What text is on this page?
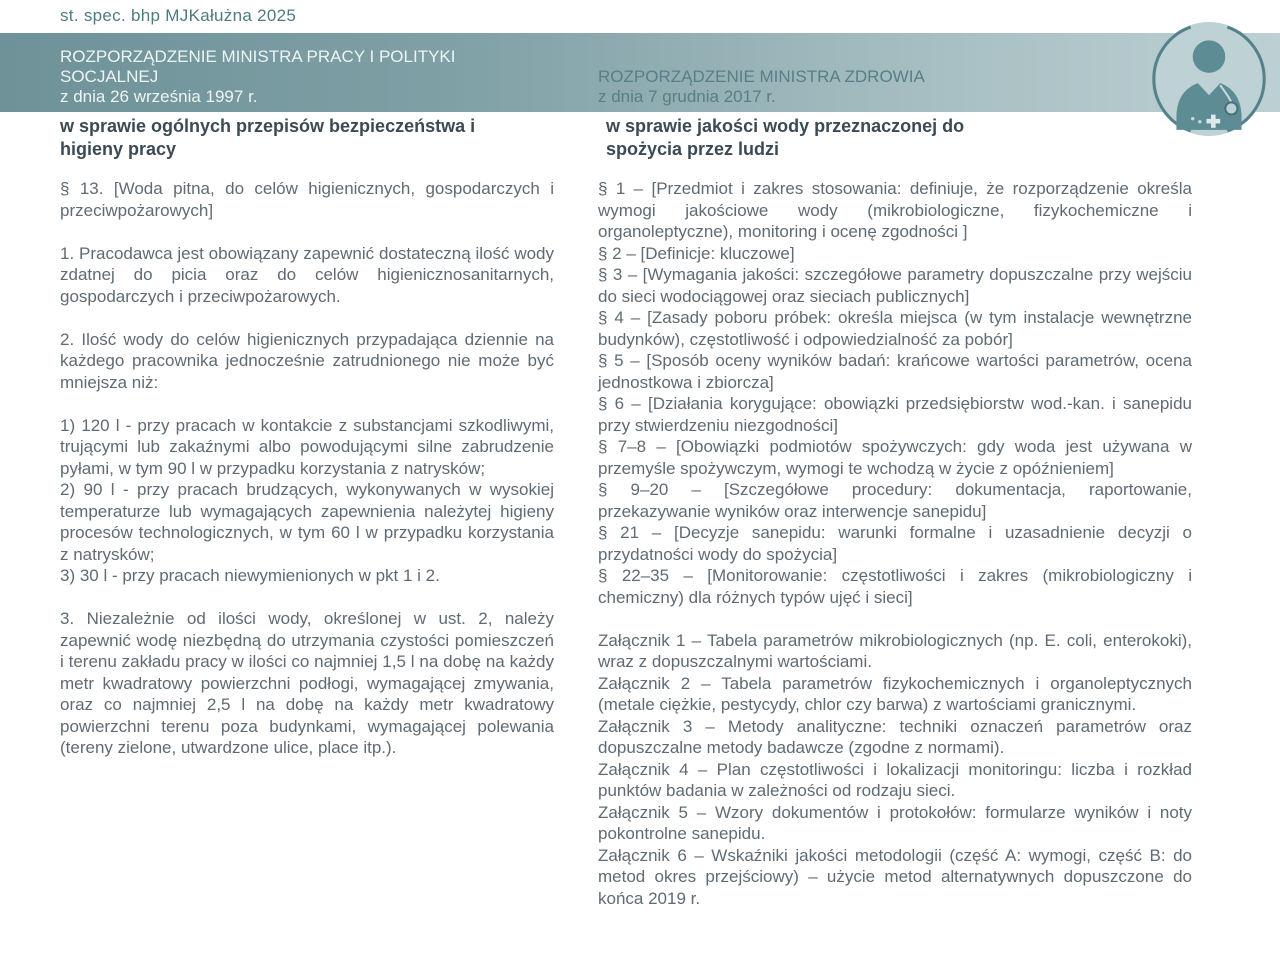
st. spec. bhp MJKałużna 2025
ROZPORZĄDZENIE MINISTRA PRACY I POLITYKI SOCJALNEJ
z dnia 26 września 1997 r.
ROZPORZĄDZENIE MINISTRA ZDROWIA
z dnia 7 grudnia 2017 r.
w sprawie ogólnych przepisów bezpieczeństwa i higieny pracy
w sprawie jakości wody przeznaczonej do spożycia przez ludzi

§ 13. [Woda pitna, do celów higienicznych, gospodarczych i przeciwpożarowych]

1. Pracodawca jest obowiązany zapewnić dostateczną ilość wody zdatnej do picia oraz do celów higienicznosanitarnych, gospodarczych i przeciwpożarowych.

2. Ilość wody do celów higienicznych przypadająca dziennie na każdego pracownika jednocześnie zatrudnionego nie może być mniejsza niż:

1) 120 l - przy pracach w kontakcie z substancjami szkodliwymi, trującymi lub zakaźnymi albo powodującymi silne zabrudzenie pyłami, w tym 90 l w przypadku korzystania z natrysków;

2) 90 l - przy pracach brudzących, wykonywanych w wysokiej temperaturze lub wymagających zapewnienia należytej higieny procesów technologicznych, w tym 60 l w przypadku korzystania z natrysków;

3) 30 l - przy pracach niewymienionych w pkt 1 i 2.

3. Niezależnie od ilości wody, określonej w ust. 2, należy zapewnić wodę niezbędną do utrzymania czystości pomieszczeń i terenu zakładu pracy w ilości co najmniej 1,5 l na dobę na każdy metr kwadratowy powierzchni podłogi, wymagającej zmywania, oraz co najmniej 2,5 l na dobę na każdy metr kwadratowy powierzchni terenu poza budynkami, wymagającej polewania (tereny zielone, utwardzone ulice, place itp.).

§ 1 – [Przedmiot i zakres stosowania: definiuje, że rozporządzenie określa wymogi jakościowe wody (mikrobiologiczne, fizykochemiczne i organoleptyczne), monitoring i ocenę zgodności ]

§ 2 – [Definicje: kluczowe]

§ 3 – [Wymagania jakości: szczegółowe parametry dopuszczalne przy wejściu do sieci wodociągowej oraz sieciach publicznych]

§ 4 – [Zasady poboru próbek: określa miejsca (w tym instalacje wewnętrzne budynków), częstotliwość i odpowiedzialność za pobór]

§ 5 – [Sposób oceny wyników badań: krańcowe wartości parametrów, ocena jednostkowa i zbiorcza]

§ 6 – [Działania korygujące: obowiązki przedsiębiorstw wod.-kan. i sanepidu przy stwierdzeniu niezgodności]

§ 7–8 – [Obowiązki podmiotów spożywczych: gdy woda jest używana w przemyśle spożywczym, wymogi te wchodzą w życie z opóźnieniem]

§ 9–20 – [Szczegółowe procedury: dokumentacja, raportowanie, przekazywanie wyników oraz interwencje sanepidu]

§ 21 – [Decyzje sanepidu: warunki formalne i uzasadnienie decyzji o przydatności wody do spożycia]

§ 22–35 – [Monitorowanie: częstotliwości i zakres (mikrobiologiczny i chemiczny) dla różnych typów ujęć i sieci]

Załącznik 1 – Tabela parametrów mikrobiologicznych (np. E. coli, enterokoki), wraz z dopuszczalnymi wartościami.

Załącznik 2 – Tabela parametrów fizykochemicznych i organoleptycznych (metale ciężkie, pestycydy, chlor czy barwa) z wartościami granicznymi.

Załącznik 3 – Metody analityczne: techniki oznaczeń parametrów oraz dopuszczalne metody badawcze (zgodne z normami).

Załącznik 4 – Plan częstotliwości i lokalizacji monitoringu: liczba i rozkład punktów badania w zależności od rodzaju sieci.

Załącznik 5 – Wzory dokumentów i protokołów: formularze wyników i noty pokontrolne sanepidu.

Załącznik 6 – Wskaźniki jakości metodologii (część A: wymogi, część B: do metod okres przejściowy) – użycie metod alternatywnych dopuszczone do końca 2019 r.
